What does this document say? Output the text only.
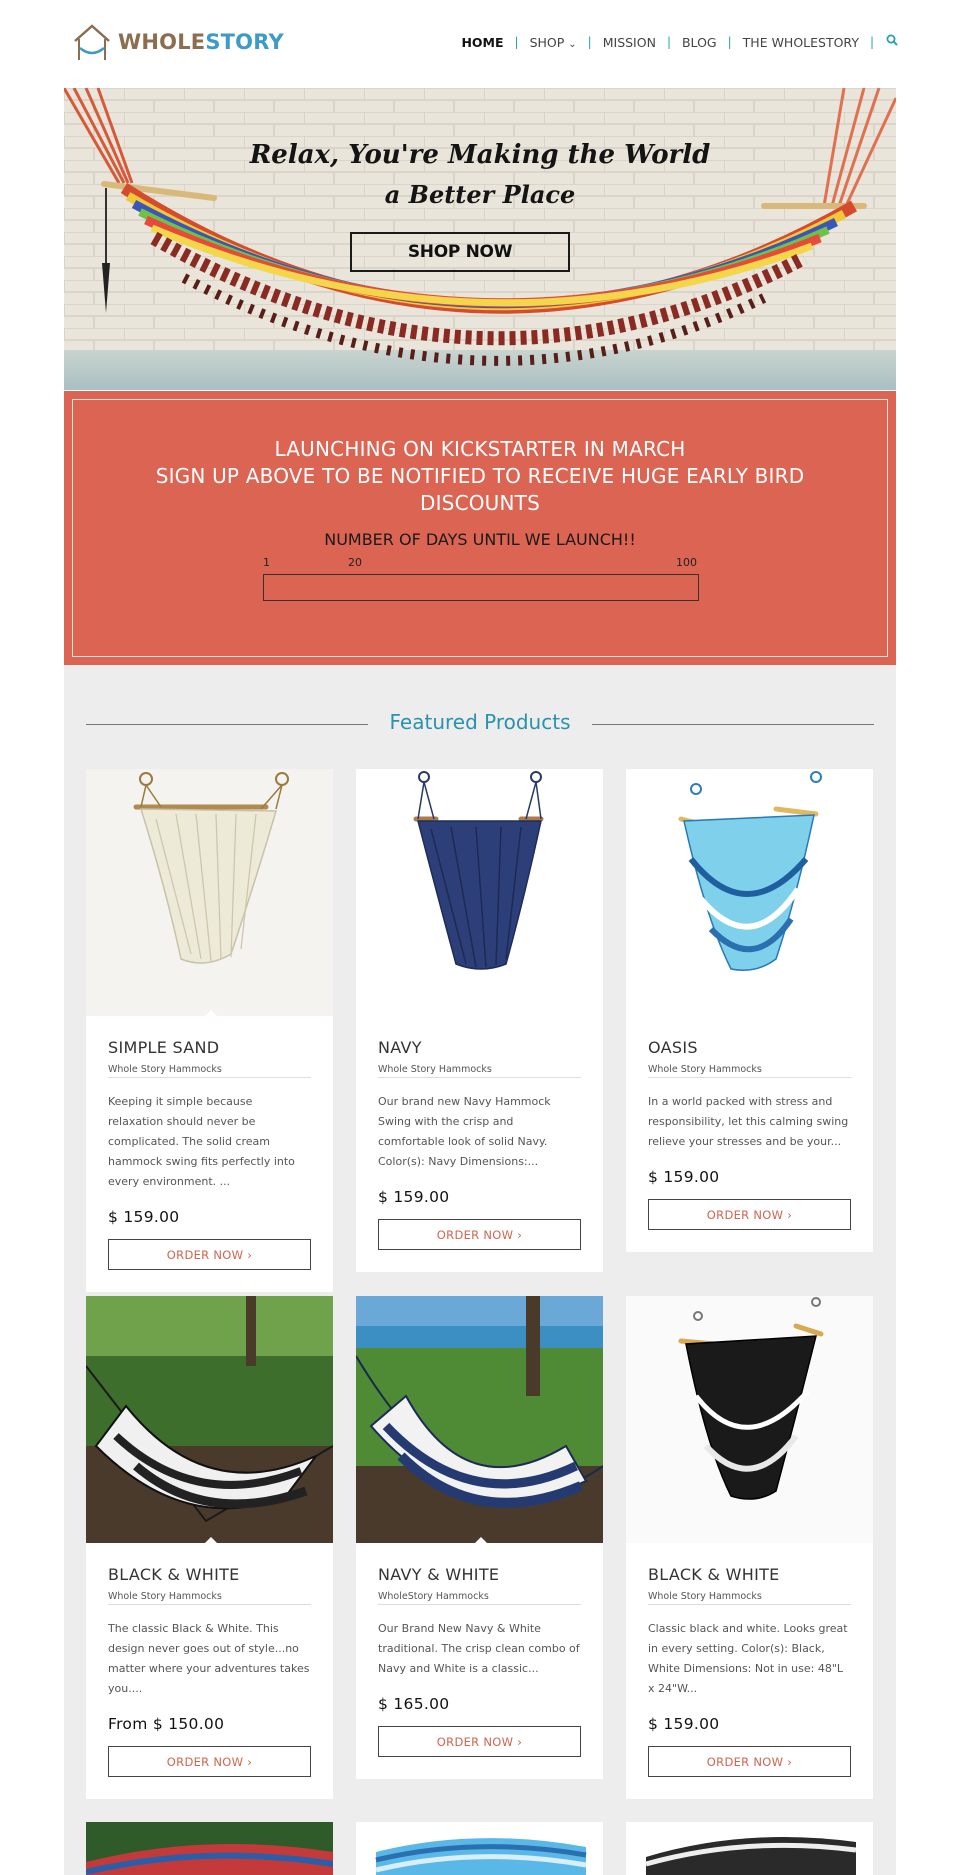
WHOLESTORY	HOME | SHOP ⌄ | MISSION | BLOG | THE WHOLESTORY |
Relax, You're Making the World
a Better Place
SHOP NOW
LAUNCHING ON KICKSTARTER IN MARCH
SIGN UP ABOVE TO BE NOTIFIED TO RECEIVE HUGE EARLY BIRD
DISCOUNTS
NUMBER OF DAYS UNTIL WE LAUNCH!!
1	20	100
Featured Products
SIMPLE SAND
Whole Story Hammocks
Keeping it simple because relaxation should never be complicated. The solid cream hammock swing fits perfectly into every environment. ...
$ 159.00
ORDER NOW ›
NAVY
Whole Story Hammocks
Our brand new Navy Hammock Swing with the crisp and comfortable look of solid Navy. Color(s): Navy Dimensions:...
$ 159.00
ORDER NOW ›
OASIS
Whole Story Hammocks
In a world packed with stress and responsibility, let this calming swing relieve your stresses and be your...
$ 159.00
ORDER NOW ›
BLACK & WHITE
Whole Story Hammocks
The classic Black & White. This design never goes out of style...no matter where your adventures takes you....
From $ 150.00
ORDER NOW ›
NAVY & WHITE
WholeStory Hammocks
Our Brand New Navy & White traditional. The crisp clean combo of Navy and White is a classic...
$ 165.00
ORDER NOW ›
BLACK & WHITE
Whole Story Hammocks
Classic black and white. Looks great in every setting. Color(s): Black, White Dimensions: Not in use: 48"L x 24"W...
$ 159.00
ORDER NOW ›
